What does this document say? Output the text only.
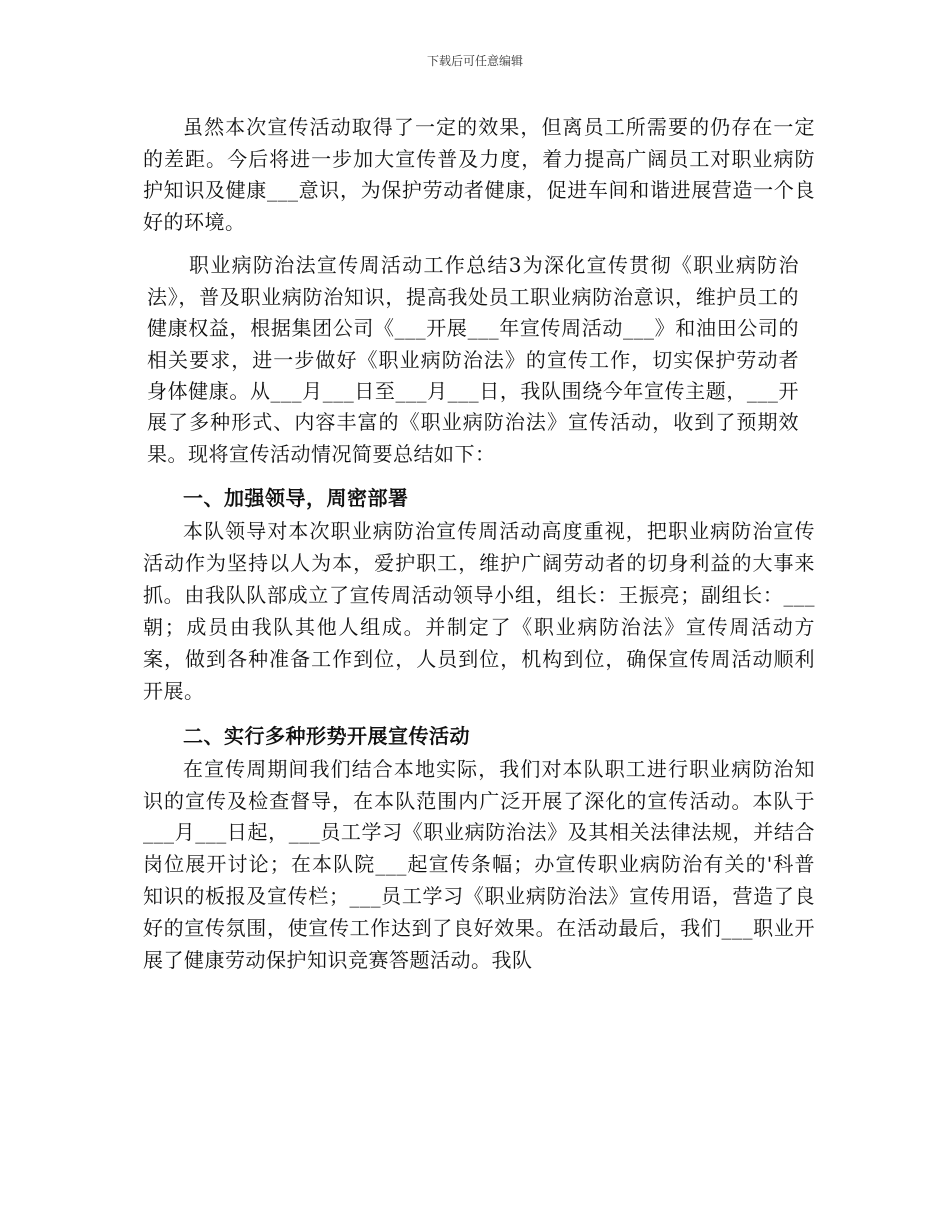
下载后可任意编辑

虽然本次宣传活动取得了一定的效果，但离员工所需要的仍存在一定的差距。今后将进一步加大宣传普及力度，着力提高广阔员工对职业病防护知识及健康___意识，为保护劳动者健康，促进车间和谐进展营造一个良好的环境。

职业病防治法宣传周活动工作总结3为深化宣传贯彻《职业病防治法》，普及职业病防治知识，提高我处员工职业病防治意识，维护员工的健康权益，根据集团公司《___开展___年宣传周活动___》和油田公司的相关要求，进一步做好《职业病防治法》的宣传工作，切实保护劳动者身体健康。从___月___日至___月___日，我队围绕今年宣传主题，___开展了多种形式、内容丰富的《职业病防治法》宣传活动，收到了预期效果。现将宣传活动情况简要总结如下：

一、加强领导，周密部署

本队领导对本次职业病防治宣传周活动高度重视，把职业病防治宣传活动作为坚持以人为本，爱护职工，维护广阔劳动者的切身利益的大事来抓。由我队队部成立了宣传周活动领导小组，组长：王振亮；副组长：___朝；成员由我队其他人组成。并制定了《职业病防治法》宣传周活动方案，做到各种准备工作到位，人员到位，机构到位，确保宣传周活动顺利开展。

二、实行多种形势开展宣传活动

在宣传周期间我们结合本地实际，我们对本队职工进行职业病防治知识的宣传及检查督导，在本队范围内广泛开展了深化的宣传活动。本队于___月___日起，___员工学习《职业病防治法》及其相关法律法规，并结合岗位展开讨论；在本队院___起宣传条幅；办宣传职业病防治有关的'科普知识的板报及宣传栏；___员工学习《职业病防治法》宣传用语，营造了良好的宣传氛围，使宣传工作达到了良好效果。在活动最后，我们___职业开展了健康劳动保护知识竞赛答题活动。我队
